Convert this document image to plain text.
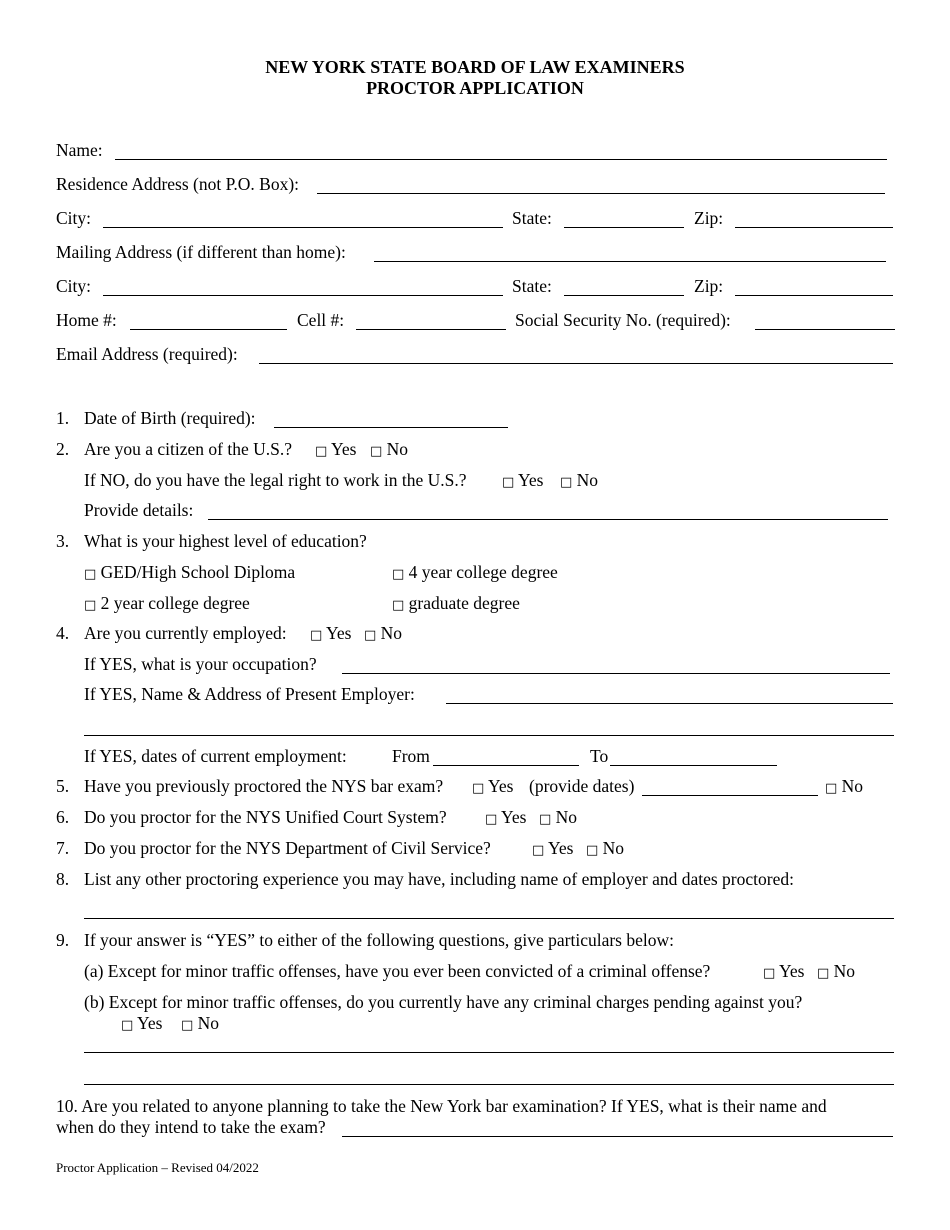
NEW YORK STATE BOARD OF LAW EXAMINERS
PROCTOR APPLICATION
Name:
Residence Address (not P.O. Box):
City:	State:	Zip:
Mailing Address (if different than home):
City:	State:	Zip:
Home #:	Cell #:	Social Security No. (required):
Email Address (required):
1. Date of Birth (required):
2. Are you a citizen of the U.S.? □ Yes □ No
If NO, do you have the legal right to work in the U.S.?	□ Yes □ No
Provide details:
3. What is your highest level of education?
□ GED/High School Diploma	□ 4 year college degree
□ 2 year college degree	□ graduate degree
4. Are you currently employed: □ Yes □ No
If YES, what is your occupation?
If YES, Name & Address of Present Employer:
If YES, dates of current employment:	From	To
5. Have you previously proctored the NYS bar exam? □ Yes (provide dates)	□ No
6. Do you proctor for the NYS Unified Court System?	□ Yes □ No
7. Do you proctor for the NYS Department of Civil Service?	□ Yes □ No
8. List any other proctoring experience you may have, including name of employer and dates proctored:
9. If your answer is “YES” to either of the following questions, give particulars below:
(a) Except for minor traffic offenses, have you ever been convicted of a criminal offense?	□ Yes □ No
(b) Except for minor traffic offenses, do you currently have any criminal charges pending against you?
□ Yes □ No
10. Are you related to anyone planning to take the New York bar examination? If YES, what is their name and
when do they intend to take the exam?
Proctor Application – Revised 04/2022
